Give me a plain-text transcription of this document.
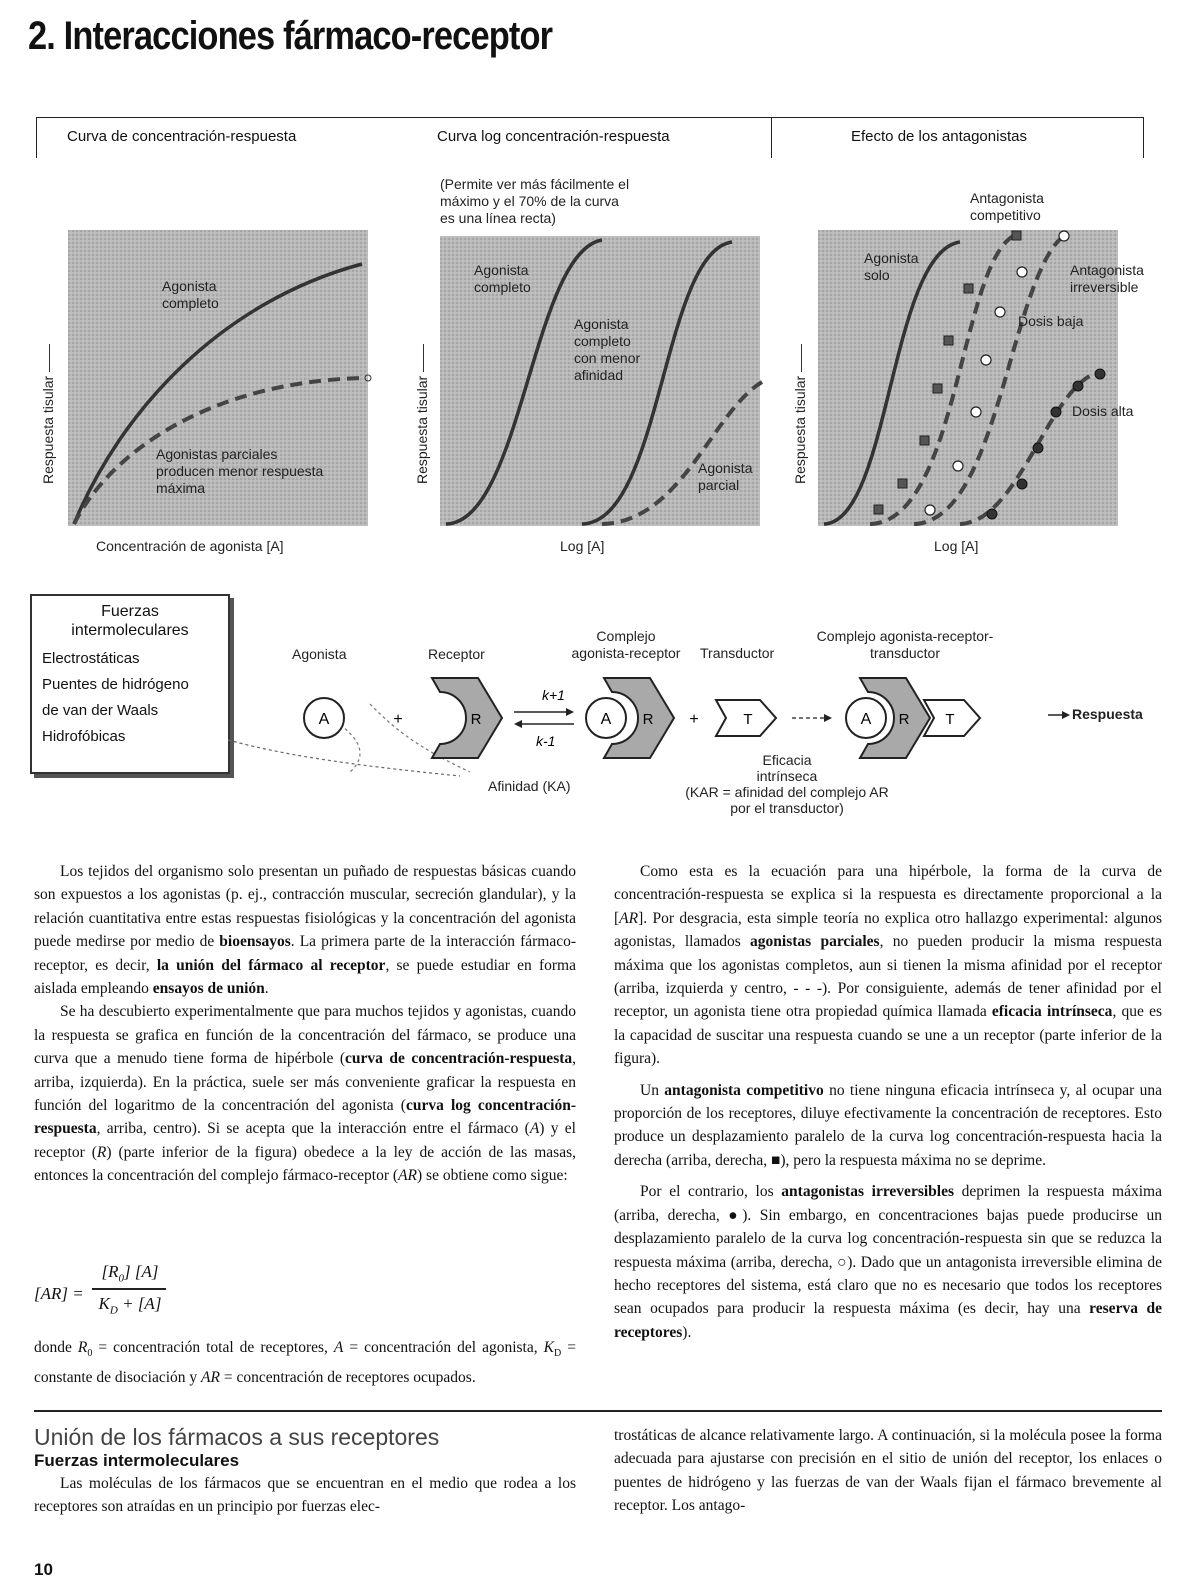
2. Interacciones fármaco-receptor
Curva de concentración-respuesta	Curva log concentración-respuesta	Efecto de los antagonistas
Agonista
completo
Agonistas parciales
producen menor respuesta
máxima
Respuesta tisular ——
Concentración de agonista [A]
(Permite ver más fácilmente el
máximo y el 70% de la curva
es una línea recta)
Agonista
completo
Agonista
completo
con menor
afinidad
Agonista
parcial
Respuesta tisular ——
Log [A]
Antagonista
competitivo
Agonista
solo	Antagonista
irreversible
Dosis baja
Dosis alta
Respuesta tisular ——
Log [A]
Fuerzas
intermoleculares
Electrostáticas
Puentes de hidrógeno
de van der Waals
Hidrofóbicas
Agonista	Receptor
Complejo
agonista-receptor	Transductor
Complejo agonista-receptor-
transductor
A	+	R
k+1
k-1
A R +	T	A R T	Respuesta
Afinidad (KA)
Eficacia
intrínseca
(KAR = afinidad del complejo AR
por el transductor)

Los tejidos del organismo solo presentan un puñado de respuestas básicas cuando son expuestos a los agonistas (p. ej., contracción muscular, secreción glandular), y la relación cuantitativa entre estas respuestas fisiológicas y la concentración del agonista puede medirse por medio de bioensayos. La primera parte de la interacción fármaco-receptor, es decir, la unión del fármaco al receptor, se puede estudiar en forma aislada empleando ensayos de unión.

Se ha descubierto experimentalmente que para muchos tejidos y agonistas, cuando la respuesta se grafica en función de la concentración del fármaco, se produce una curva que a menudo tiene forma de hipérbole (curva de concentración-respuesta, arriba, izquierda). En la práctica, suele ser más conveniente graficar la respuesta en función del logaritmo de la concentración del agonista (curva log concentración-respuesta, arriba, centro). Si se acepta que la interacción entre el fármaco (A) y el receptor (R) (parte inferior de la figura) obedece a la ley de acción de las masas, entonces la concentración del complejo fármaco-receptor (AR) se obtiene como sigue:

[AR] =
$[R_0]$ [A]
$K_D + [A]$

donde $R_0$ = concentración total de receptores, A = concentración del agonista, $K_D$ = constante de disociación y AR = concentración de receptores ocupados.

Como esta es la ecuación para una hipérbole, la forma de la curva de concentración-respuesta se explica si la respuesta es directamente proporcional a la [AR]. Por desgracia, esta simple teoría no explica otro hallazgo experimental: algunos agonistas, llamados agonistas parciales, no pueden producir la misma respuesta máxima que los agonistas completos, aun si tienen la misma afinidad por el receptor (arriba, izquierda y centro, - - -). Por consiguiente, además de tener afinidad por el receptor, un agonista tiene otra propiedad química llamada eficacia intrínseca, que es la capacidad de suscitar una respuesta cuando se une a un receptor (parte inferior de la figura).

Un antagonista competitivo no tiene ninguna eficacia intrínseca y, al ocupar una proporción de los receptores, diluye efectivamente la concentración de receptores. Esto produce un desplazamiento paralelo de la curva log concentración-respuesta hacia la derecha (arriba, derecha, ■), pero la respuesta máxima no se deprime.

Por el contrario, los antagonistas irreversibles deprimen la respuesta máxima (arriba, derecha, ●). Sin embargo, en concentraciones bajas puede producirse un desplazamiento paralelo de la curva log concentración-respuesta sin que se reduzca la respuesta máxima (arriba, derecha, ○). Dado que un antagonista irreversible elimina de hecho receptores del sistema, está claro que no es necesario que todos los receptores sean ocupados para producir la respuesta máxima (es decir, hay una reserva de receptores).

Unión de los fármacos a sus receptores
Fuerzas intermoleculares

Las moléculas de los fármacos que se encuentran en el medio que rodea a los receptores son atraídas en un principio por fuerzas elec-

trostáticas de alcance relativamente largo. A continuación, si la molécula posee la forma adecuada para ajustarse con precisión en el sitio de unión del receptor, los enlaces o puentes de hidrógeno y las fuerzas de van der Waals fijan el fármaco brevemente al receptor. Los antago-

10
